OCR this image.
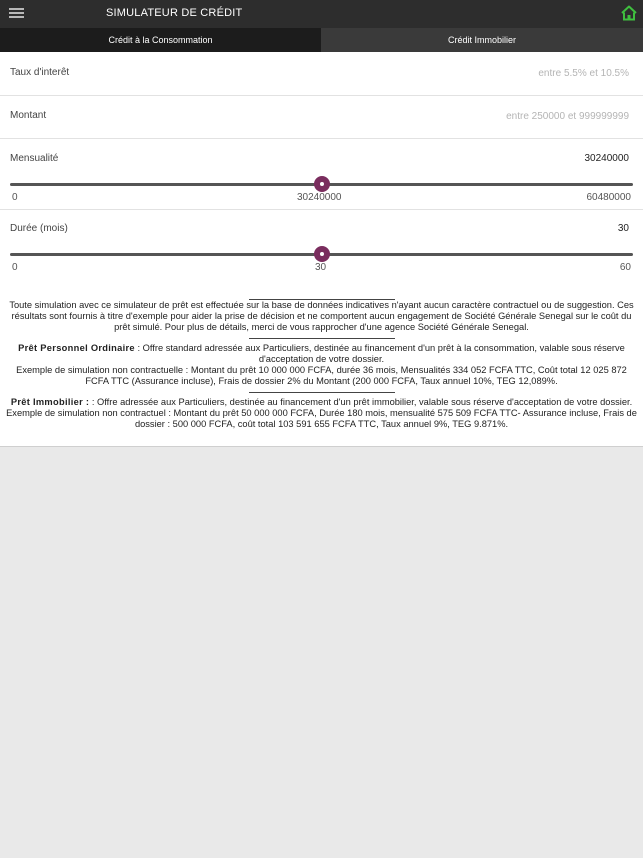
SIMULATEUR DE CRÉDIT
Crédit à la Consommation	Crédit Immobilier
Taux d'interêt	entre 5.5% et 10.5%
Montant	entre 250000 et 999999999
Mensualité	30240000
0	30240000	60480000
Durée (mois)	30
0	30	60

Toute simulation avec ce simulateur de prêt est effectuée sur la base de données indicatives n'ayant aucun caractère contractuel ou de suggestion. Ces résultats sont fournis à titre d'exemple pour aider la prise de décision et ne comportent aucun engagement de Société Générale Senegal sur le coût du prêt simulé. Pour plus de détails, merci de vous rapprocher d'une agence Société Générale Senegal.

Prêt Personnel Ordinaire : Offre standard adressée aux Particuliers, destinée au financement d'un prêt à la consommation, valable sous réserve d'acceptation de votre dossier.

Exemple de simulation non contractuelle : Montant du prêt 10 000 000 FCFA, durée 36 mois, Mensualités 334 052 FCFA TTC, Coût total 12 025 872 FCFA TTC (Assurance incluse), Frais de dossier 2% du Montant (200 000 FCFA, Taux annuel 10%, TEG 12,089%.

Prêt Immobilier : : Offre adressée aux Particuliers, destinée au financement d'un prêt immobilier, valable sous réserve d'acceptation de votre dossier.

Exemple de simulation non contractuel : Montant du prêt 50 000 000 FCFA, Durée 180 mois, mensualité 575 509 FCFA TTC- Assurance incluse, Frais de dossier : 500 000 FCFA, coût total 103 591 655 FCFA TTC, Taux annuel 9%, TEG 9.871%.
